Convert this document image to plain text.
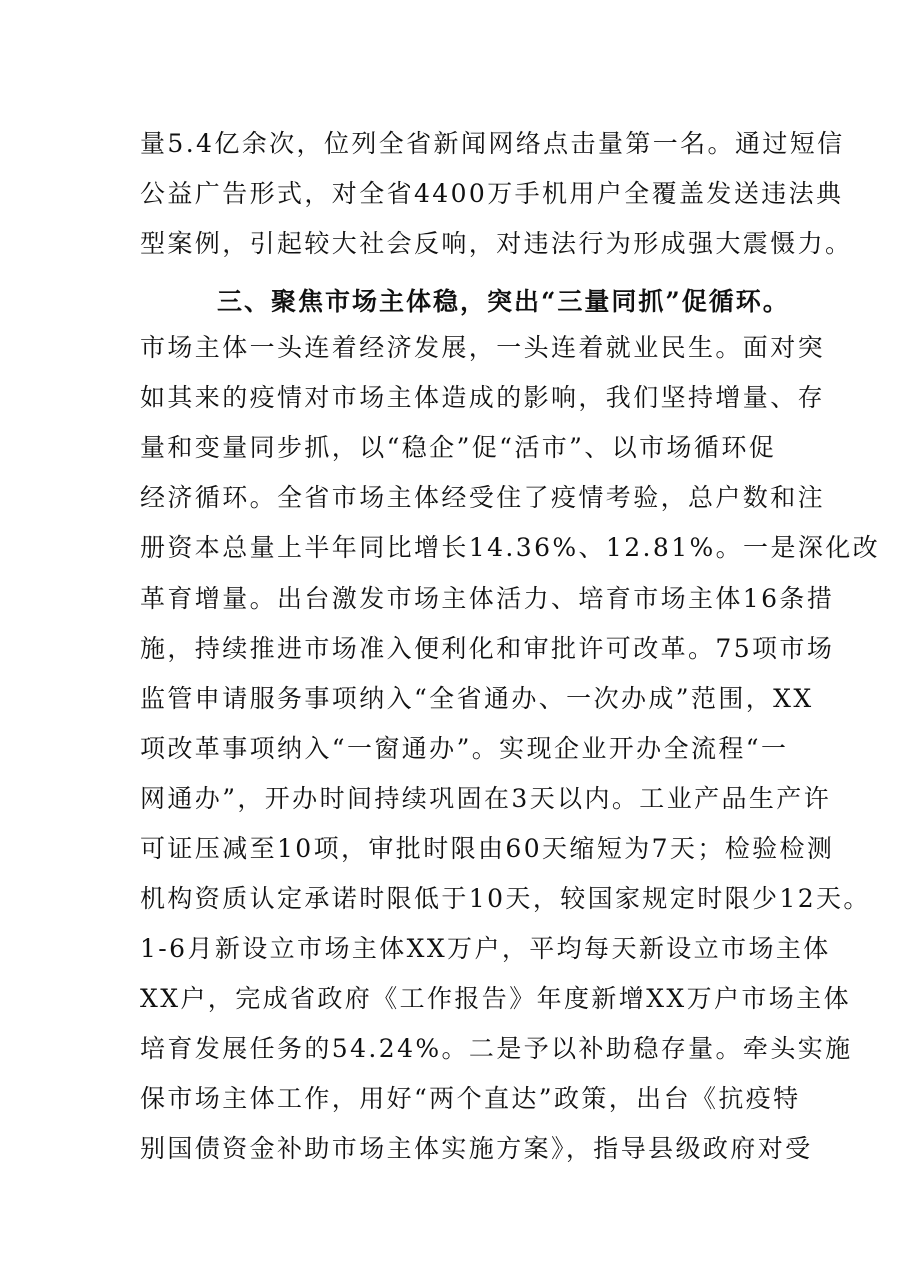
量5.4亿余次，位列全省新闻网络点击量第一名。通过短信
公益广告形式，对全省4400万手机用户全覆盖发送违法典
型案例，引起较大社会反响，对违法行为形成强大震慑力。
三、聚焦市场主体稳，突出“三量同抓”促循环。
市场主体一头连着经济发展，一头连着就业民生。面对突
如其来的疫情对市场主体造成的影响，我们坚持增量、存
量和变量同步抓，以“稳企”促“活市”、以市场循环促
经济循环。全省市场主体经受住了疫情考验，总户数和注
册资本总量上半年同比增长14.36%、12.81%。一是深化改
革育增量。出台激发市场主体活力、培育市场主体16条措
施，持续推进市场准入便利化和审批许可改革。75项市场
监管申请服务事项纳入“全省通办、一次办成”范围，XX
项改革事项纳入“一窗通办”。实现企业开办全流程“一
网通办”，开办时间持续巩固在3天以内。工业产品生产许
可证压减至10项，审批时限由60天缩短为7天；检验检测
机构资质认定承诺时限低于10天，较国家规定时限少12天。
1-6月新设立市场主体XX万户，平均每天新设立市场主体
XX户，完成省政府《工作报告》年度新增XX万户市场主体
培育发展任务的54.24%。二是予以补助稳存量。牵头实施
保市场主体工作，用好“两个直达”政策，出台《抗疫特
别国债资金补助市场主体实施方案》，指导县级政府对受
